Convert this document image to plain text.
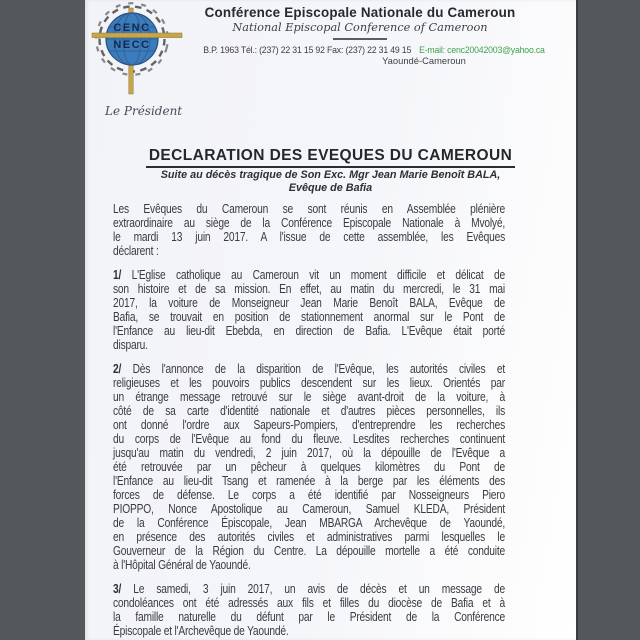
CENC
NECC
Conférence Episcopale Nationale du Cameroun
National Episcopal Conference of Cameroon
B.P. 1963 Tél.: (237) 22 31 15 92 Fax: (237) 22 31 49 15 E-mail: cenc20042003@yahoo.ca
Yaoundé-Cameroun
Le Président
DECLARATION DES EVEQUES DU CAMEROUN
Suite au décès tragique de Son Exc. Mgr Jean Marie Benoît BALA,
Evêque de Bafia
Les Evêques du Cameroun se sont réunis en Assemblée plénière
extraordinaire au siège de la Conférence Episcopale Nationale à Mvolyé,
le mardi 13 juin 2017. A l'issue de cette assemblée, les Evêques
déclarent :
1/ L'Eglise catholique au Cameroun vit un moment difficile et délicat de
son histoire et de sa mission. En effet, au matin du mercredi, le 31 mai
2017, la voiture de Monseigneur Jean Marie Benoît BALA, Evêque de
Bafia, se trouvait en position de stationnement anormal sur le Pont de
l'Enfance au lieu-dit Ebebda, en direction de Bafia. L'Evêque était porté
disparu.
2/ Dès l'annonce de la disparition de l'Evêque, les autorités civiles et
religieuses et les pouvoirs publics descendent sur les lieux. Orientés par
un étrange message retrouvé sur le siège avant-droit de la voiture, à
côté de sa carte d'identité nationale et d'autres pièces personnelles, ils
ont donné l'ordre aux Sapeurs-Pompiers, d'entreprendre les recherches
du corps de l'Evêque au fond du fleuve. Lesdites recherches continuent
jusqu'au matin du vendredi, 2 juin 2017, où la dépouille de l'Evêque a
été retrouvée par un pêcheur à quelques kilomètres du Pont de
l'Enfance au lieu-dit Tsang et ramenée à la berge par les éléments des
forces de défense. Le corps a été identifié par Nosseigneurs Piero
PIOPPO, Nonce Apostolique au Cameroun, Samuel KLEDA, Président
de la Conférence Épiscopale, Jean MBARGA Archevêque de Yaoundé,
en présence des autorités civiles et administratives parmi lesquelles le
Gouverneur de la Région du Centre. La dépouille mortelle a été conduite
à l'Hôpital Général de Yaoundé.
3/ Le samedi, 3 juin 2017, un avis de décès et un message de
condoléances ont été adressés aux fils et filles du diocèse de Bafia et à
la famille naturelle du défunt par le Président de la Conférence
Épiscopale et l'Archevêque de Yaoundé.
